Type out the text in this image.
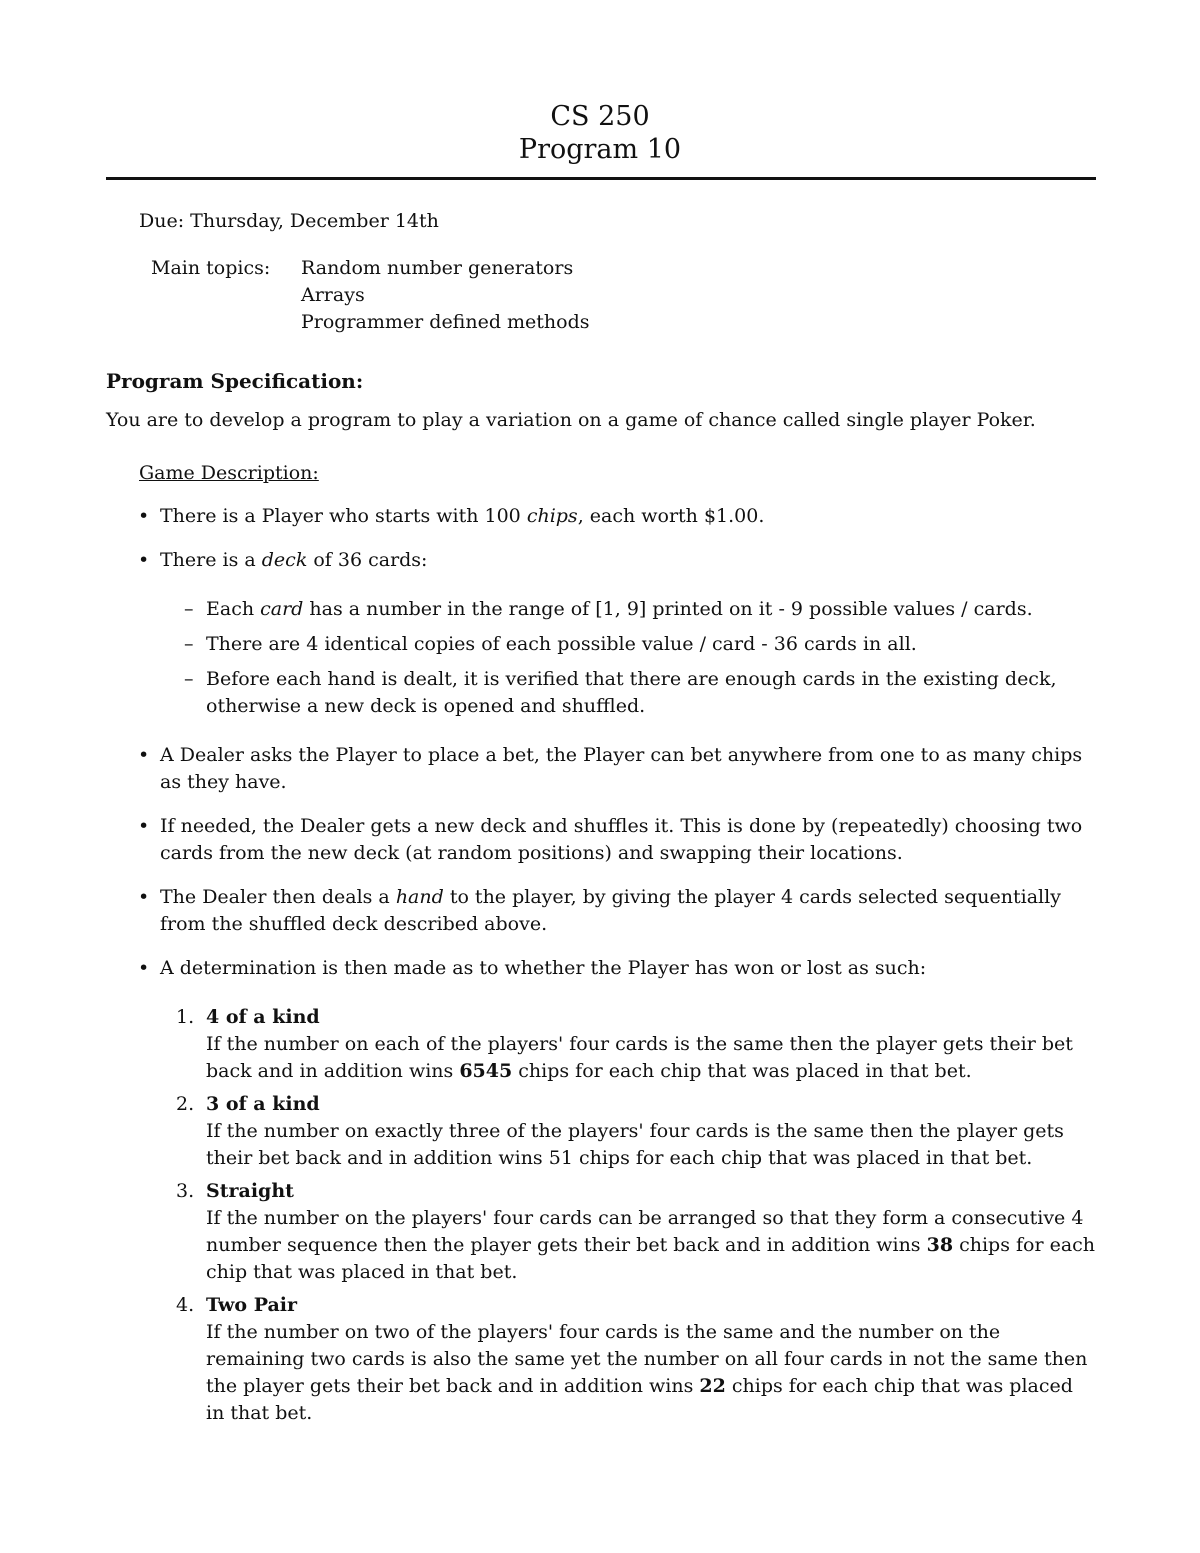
CS 250
Program 10
Due: Thursday, December 14th
Main topics:	Random number generators
Arrays
Programmer defined methods
Program Specification:
You are to develop a program to play a variation on a game of chance called single player Poker.
Game Description:
• There is a Player who starts with 100 chips, each worth $1.00.
• There is a deck of 36 cards:
– Each card has a number in the range of [1, 9] printed on it - 9 possible values / cards.
– There are 4 identical copies of each possible value / card - 36 cards in all.
– Before each hand is dealt, it is verified that there are enough cards in the existing deck, otherwise a new deck is opened and shuffled.
• A Dealer asks the Player to place a bet, the Player can bet anywhere from one to as many chips as they have.
• If needed, the Dealer gets a new deck and shuffles it. This is done by (repeatedly) choosing two cards from the new deck (at random positions) and swapping their locations.
• The Dealer then deals a hand to the player, by giving the player 4 cards selected sequentially from the shuffled deck described above.
• A determination is then made as to whether the Player has won or lost as such:
1. 4 of a kind
If the number on each of the players' four cards is the same then the player gets their bet back and in addition wins 6545 chips for each chip that was placed in that bet.
2. 3 of a kind
If the number on exactly three of the players' four cards is the same then the player gets their bet back and in addition wins 51 chips for each chip that was placed in that bet.
3. Straight
If the number on the players' four cards can be arranged so that they form a consecutive 4 number sequence then the player gets their bet back and in addition wins 38 chips for each chip that was placed in that bet.
4. Two Pair
If the number on two of the players' four cards is the same and the number on the remaining two cards is also the same yet the number on all four cards in not the same then the player gets their bet back and in addition wins 22 chips for each chip that was placed in that bet.
